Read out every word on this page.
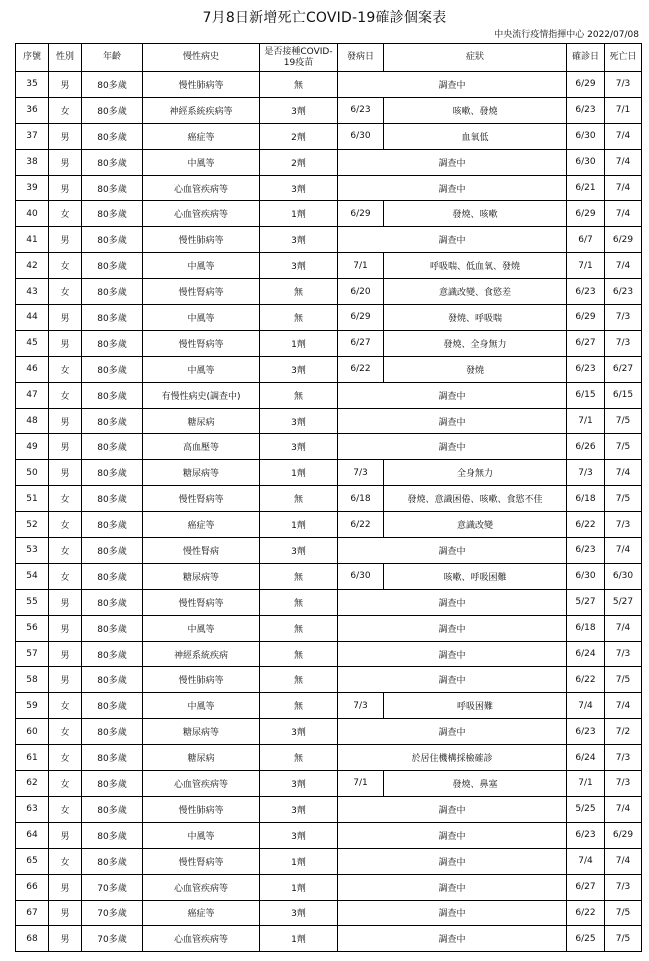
7月8日新增死亡COVID-19確診個案表
中央流行疫情指揮中心 2022/07/08
序號	性別	年齡	慢性病史	是否接種COVID-19疫苗	發病日	症狀	確診日	死亡日
35	男	80多歲	慢性肺病等	無	調查中		6/29	7/3
36	女	80多歲	神經系統疾病等	3劑	6/23	咳嗽、發燒	6/23	7/1
37	男	80多歲	癌症等	2劑	6/30	血氧低	6/30	7/4
38	男	80多歲	中風等	2劑	調查中		6/30	7/4
39	男	80多歲	心血管疾病等	3劑	調查中		6/21	7/4
40	女	80多歲	心血管疾病等	1劑	6/29	發燒、咳嗽	6/29	7/4
41	男	80多歲	慢性肺病等	3劑	調查中		6/7	6/29
42	女	80多歲	中風等	3劑	7/1	呼吸喘、低血氧、發燒	7/1	7/4
43	女	80多歲	慢性腎病等	無	6/20	意識改變、食慾差	6/23	6/23
44	男	80多歲	中風等	無	6/29	發燒、呼吸喘	6/29	7/3
45	男	80多歲	慢性腎病等	1劑	6/27	發燒、全身無力	6/27	7/3
46	女	80多歲	中風等	3劑	6/22	發燒	6/23	6/27
47	女	80多歲	有慢性病史(調查中)	無	調查中		6/15	6/15
48	男	80多歲	糖尿病	3劑	調查中		7/1	7/5
49	男	80多歲	高血壓等	3劑	調查中		6/26	7/5
50	男	80多歲	糖尿病等	1劑	7/3	全身無力	7/3	7/4
51	女	80多歲	慢性腎病等	無	6/18	發燒、意識困倦、咳嗽、食慾不佳	6/18	7/5
52	女	80多歲	癌症等	1劑	6/22	意識改變	6/22	7/3
53	女	80多歲	慢性腎病	3劑	調查中		6/23	7/4
54	女	80多歲	糖尿病等	無	6/30	咳嗽、呼吸困難	6/30	6/30
55	男	80多歲	慢性腎病等	無	調查中		5/27	5/27
56	男	80多歲	中風等	無	調查中		6/18	7/4
57	男	80多歲	神經系統疾病	無	調查中		6/24	7/3
58	男	80多歲	慢性肺病等	無	調查中		6/22	7/5
59	女	80多歲	中風等	無	7/3	呼吸困難	7/4	7/4
60	女	80多歲	糖尿病等	3劑	調查中		6/23	7/2
61	女	80多歲	糖尿病	無	於居住機構採檢確診		6/24	7/3
62	女	80多歲	心血管疾病等	3劑	7/1	發燒、鼻塞	7/1	7/3
63	女	80多歲	慢性肺病等	3劑	調查中		5/25	7/4
64	男	80多歲	中風等	3劑	調查中		6/23	6/29
65	女	80多歲	慢性腎病等	1劑	調查中		7/4	7/4
66	男	70多歲	心血管疾病等	1劑	調查中		6/27	7/3
67	男	70多歲	癌症等	3劑	調查中		6/22	7/5
68	男	70多歲	心血管疾病等	1劑	調查中		6/25	7/5
